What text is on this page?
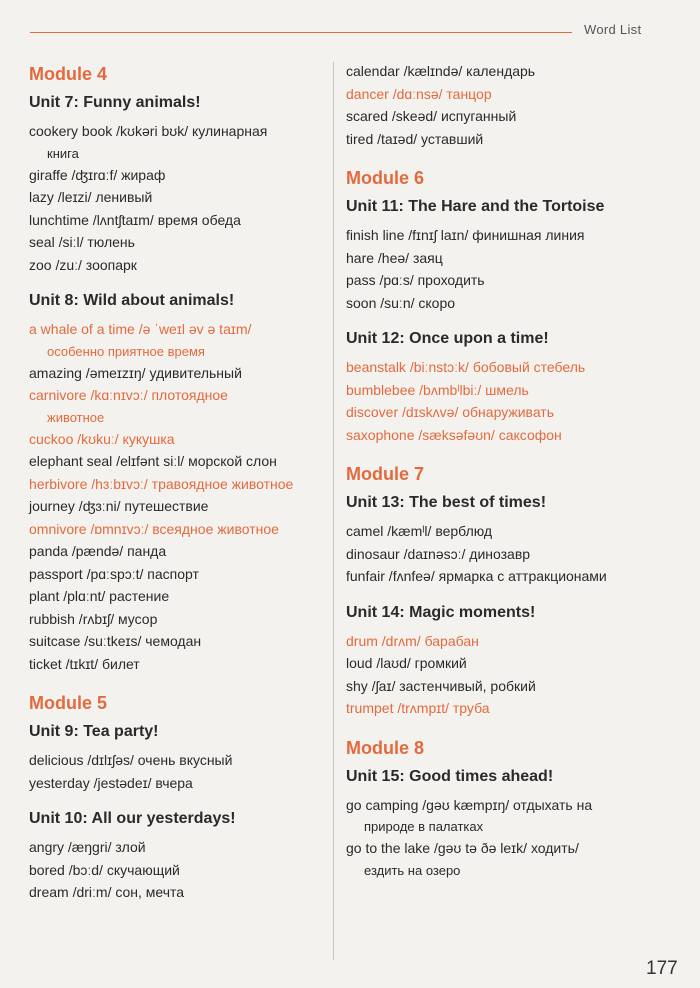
Word List
Module 4
Unit 7: Funny animals!
cookery book /kʊkəri bʊk/ кулинарная
книга
giraffe /ʤɪrɑːf/ жираф
lazy /leɪzi/ ленивый
lunchtime /lʌntʃtaɪm/ время обеда
seal /siːl/ тюлень
zoo /zuː/ зоопарк
Unit 8: Wild about animals!
a whale of a time /ə ˈweɪl əv ə taɪm/
особенно приятное время
amazing /əmeɪzɪŋ/ удивительный
carnivore /kɑːnɪvɔː/ плотоядное
животное
cuckoo /kʊkuː/ кукушка
elephant seal /elɪfənt siːl/ морской слон
herbivore /hɜːbɪvɔː/ травоядное животное
journey /ʤɜːni/ путешествие
omnivore /ɒmnɪvɔː/ всеядное животное
panda /pændə/ панда
passport /pɑːspɔːt/ паспорт
plant /plɑːnt/ растение
rubbish /rʌbɪʃ/ мусор
suitcase /suːtkeɪs/ чемодан
ticket /tɪkɪt/ билет
Module 5
Unit 9: Tea party!
delicious /dɪlɪʃəs/ очень вкусный
yesterday /jestədeɪ/ вчера
Unit 10: All our yesterdays!
angry /æŋgri/ злой
bored /bɔːd/ скучающий
dream /driːm/ сон, мечта
calendar /kælɪndə/ календарь
dancer /dɑːnsə/ танцор
scared /skeəd/ испуганный
tired /taɪəd/ уставший
Module 6
Unit 11: The Hare and the Tortoise
finish line /fɪnɪʃ laɪn/ финишная линия
hare /heə/ заяц
pass /pɑːs/ проходить
soon /suːn/ скоро
Unit 12: Once upon a time!
beanstalk /biːnstɔːk/ бобовый стебель
bumblebee /bʌmbˡlbiː/ шмель
discover /dɪskʌvə/ обнаруживать
saxophone /sæksəfəʊn/ саксофон
Module 7
Unit 13: The best of times!
camel /kæmˡl/ верблюд
dinosaur /daɪnəsɔː/ динозавр
funfair /fʌnfeə/ ярмарка с аттракционами
Unit 14: Magic moments!
drum /drʌm/ барабан
loud /laʊd/ громкий
shy /ʃaɪ/ застенчивый, робкий
trumpet /trʌmpɪt/ труба
Module 8
Unit 15: Good times ahead!
go camping /gəʊ kæmpɪŋ/ отдыхать на
природе в палатках
go to the lake /gəʊ tə ðə leɪk/ ходить/
ездить на озеро
177
